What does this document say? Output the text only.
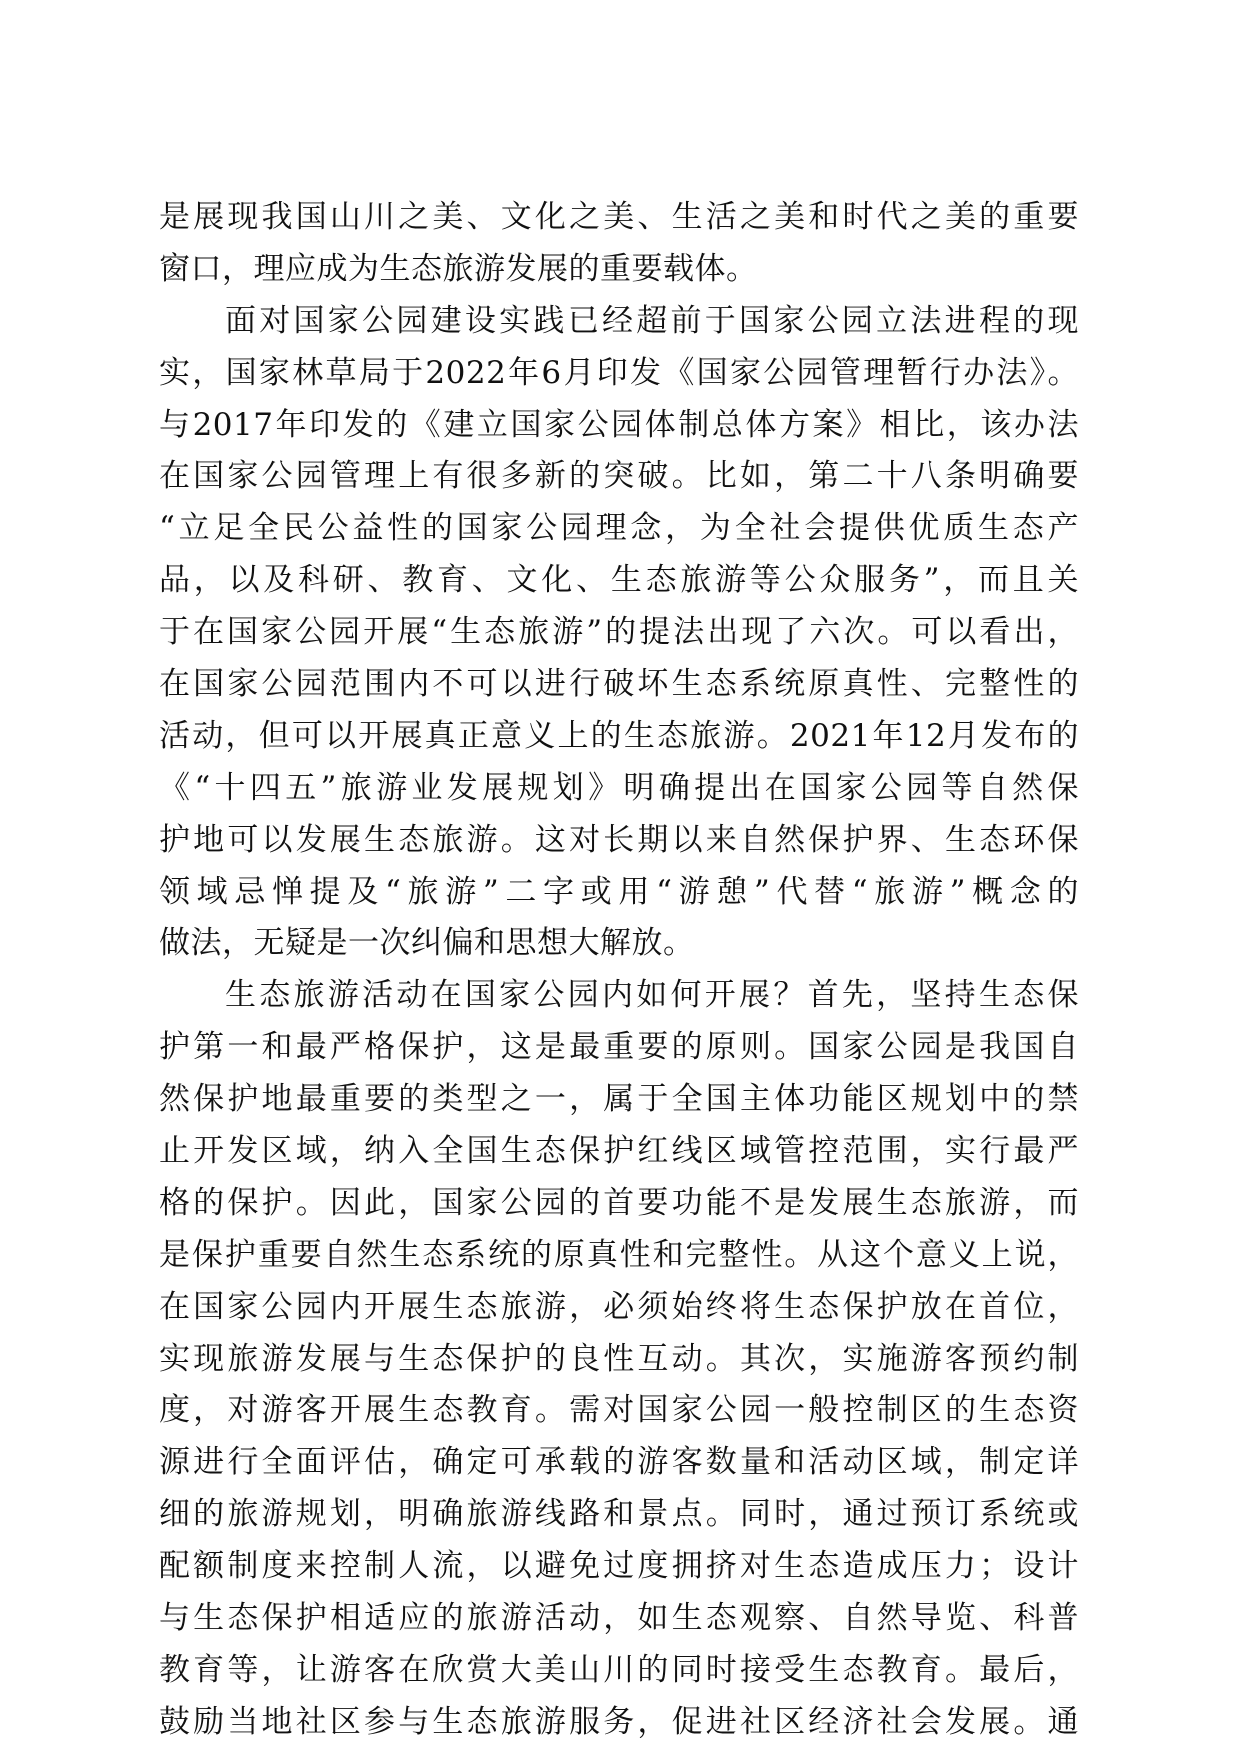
是展现我国山川之美、文化之美、生活之美和时代之美的重要
窗口，理应成为生态旅游发展的重要载体。
面对国家公园建设实践已经超前于国家公园立法进程的现
实，国家林草局于2022年6月印发《国家公园管理暂行办法》。
与2017年印发的《建立国家公园体制总体方案》相比，该办法
在国家公园管理上有很多新的突破。比如，第二十八条明确要
“立足全民公益性的国家公园理念，为全社会提供优质生态产
品，以及科研、教育、文化、生态旅游等公众服务”，而且关
于在国家公园开展“生态旅游”的提法出现了六次。可以看出，
在国家公园范围内不可以进行破坏生态系统原真性、完整性的
活动，但可以开展真正意义上的生态旅游。2021年12月发布的
《“十四五”旅游业发展规划》明确提出在国家公园等自然保
护地可以发展生态旅游。这对长期以来自然保护界、生态环保
领域忌惮提及“旅游”二字或用“游憩”代替“旅游”概念的
做法，无疑是一次纠偏和思想大解放。
生态旅游活动在国家公园内如何开展？首先，坚持生态保
护第一和最严格保护，这是最重要的原则。国家公园是我国自
然保护地最重要的类型之一，属于全国主体功能区规划中的禁
止开发区域，纳入全国生态保护红线区域管控范围，实行最严
格的保护。因此，国家公园的首要功能不是发展生态旅游，而
是保护重要自然生态系统的原真性和完整性。从这个意义上说，
在国家公园内开展生态旅游，必须始终将生态保护放在首位，
实现旅游发展与生态保护的良性互动。其次，实施游客预约制
度，对游客开展生态教育。需对国家公园一般控制区的生态资
源进行全面评估，确定可承载的游客数量和活动区域，制定详
细的旅游规划，明确旅游线路和景点。同时，通过预订系统或
配额制度来控制人流，以避免过度拥挤对生态造成压力；设计
与生态保护相适应的旅游活动，如生态观察、自然导览、科普
教育等，让游客在欣赏大美山川的同时接受生态教育。最后，
鼓励当地社区参与生态旅游服务，促进社区经济社会发展。通
